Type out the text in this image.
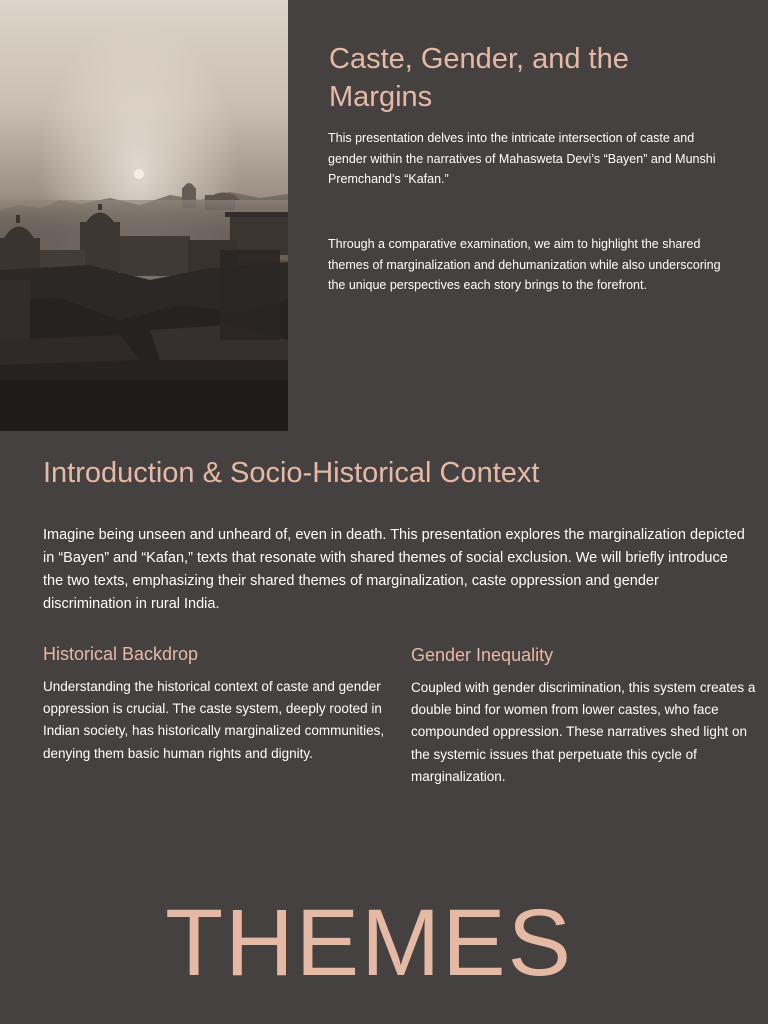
Caste, Gender, and the Margins

This presentation delves into the intricate intersection of caste and gender within the narratives of Mahasweta Devi’s “Bayen” and Munshi Premchand’s “Kafan.”

Through a comparative examination, we aim to highlight the shared themes of marginalization and dehumanization while also underscoring the unique perspectives each story brings to the forefront.

Introduction & Socio-Historical Context

Imagine being unseen and unheard of, even in death. This presentation explores the marginalization depicted in “Bayen” and “Kafan,” texts that resonate with shared themes of social exclusion. We will briefly introduce the two texts, emphasizing their shared themes of marginalization, caste oppression and gender discrimination in rural India.

Historical Backdrop

Understanding the historical context of caste and gender oppression is crucial. The caste system, deeply rooted in Indian society, has historically marginalized communities, denying them basic human rights and dignity.

Gender Inequality

Coupled with gender discrimination, this system creates a double bind for women from lower castes, who face compounded oppression. These narratives shed light on the systemic issues that perpetuate this cycle of marginalization.

THEMES
